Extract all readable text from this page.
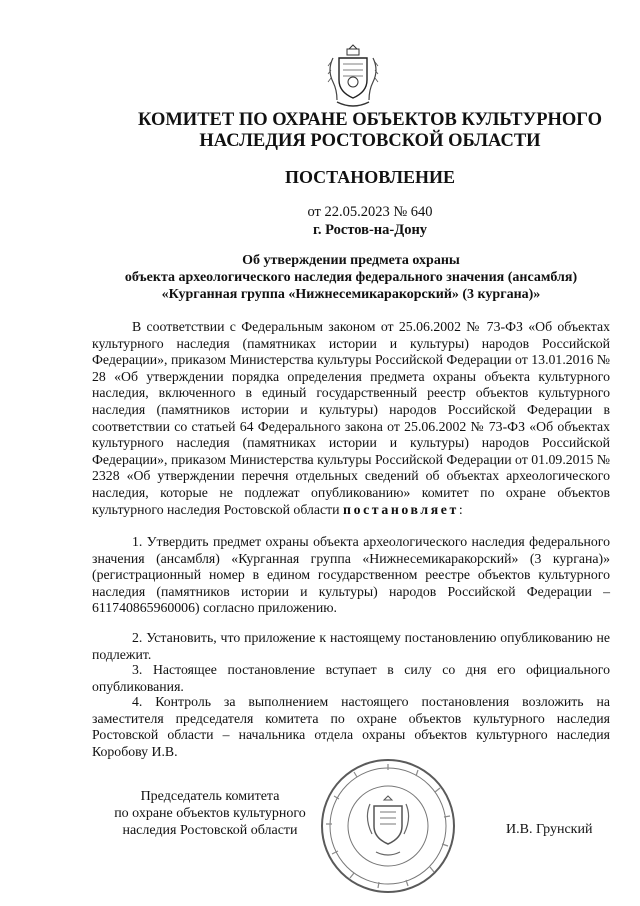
КОМИТЕТ ПО ОХРАНЕ ОБЪЕКТОВ КУЛЬТУРНОГО
НАСЛЕДИЯ РОСТОВСКОЙ ОБЛАСТИ
ПОСТАНОВЛЕНИЕ
от 22.05.2023 № 640
г. Ростов-на-Дону
Об утверждении предмета охраны
объекта археологического наследия федерального значения (ансамбля)
«Курганная группа «Нижнесемикаракорский» (3 кургана)»
В соответствии с Федеральным законом от 25.06.2002 № 73-ФЗ «Об объектах культурного наследия (памятниках истории и культуры) народов Российской Федерации», приказом Министерства культуры Российской Федерации от 13.01.2016 № 28 «Об утверждении порядка определения предмета охраны объекта культурного наследия, включенного в единый государственный реестр объектов культурного наследия (памятников истории и культуры) народов Российской Федерации в соответствии со статьей 64 Федерального закона от 25.06.2002 № 73-ФЗ «Об объектах культурного наследия (памятниках истории и культуры) народов Российской Федерации», приказом Министерства культуры Российской Федерации от 01.09.2015 № 2328 «Об утверждении перечня отдельных сведений об объектах археологического наследия, которые не подлежат опубликованию» комитет по охране объектов культурного наследия Ростовской области постановляет:
1. Утвердить предмет охраны объекта археологического наследия федерального значения (ансамбля) «Курганная группа «Нижнесемикаракорский» (3 кургана)» (регистрационный номер в едином государственном реестре объектов культурного наследия (памятников истории и культуры) народов Российской Федерации – 611740865960006) согласно приложению.
2. Установить, что приложение к настоящему постановлению опубликованию не подлежит.
3. Настоящее постановление вступает в силу со дня его официального опубликования.
4. Контроль за выполнением настоящего постановления возложить на заместителя председателя комитета по охране объектов культурного наследия Ростовской области – начальника отдела охраны объектов культурного наследия Коробову И.В.
Председатель комитета
по охране объектов культурного
наследия Ростовской области	И.В. Грунский
